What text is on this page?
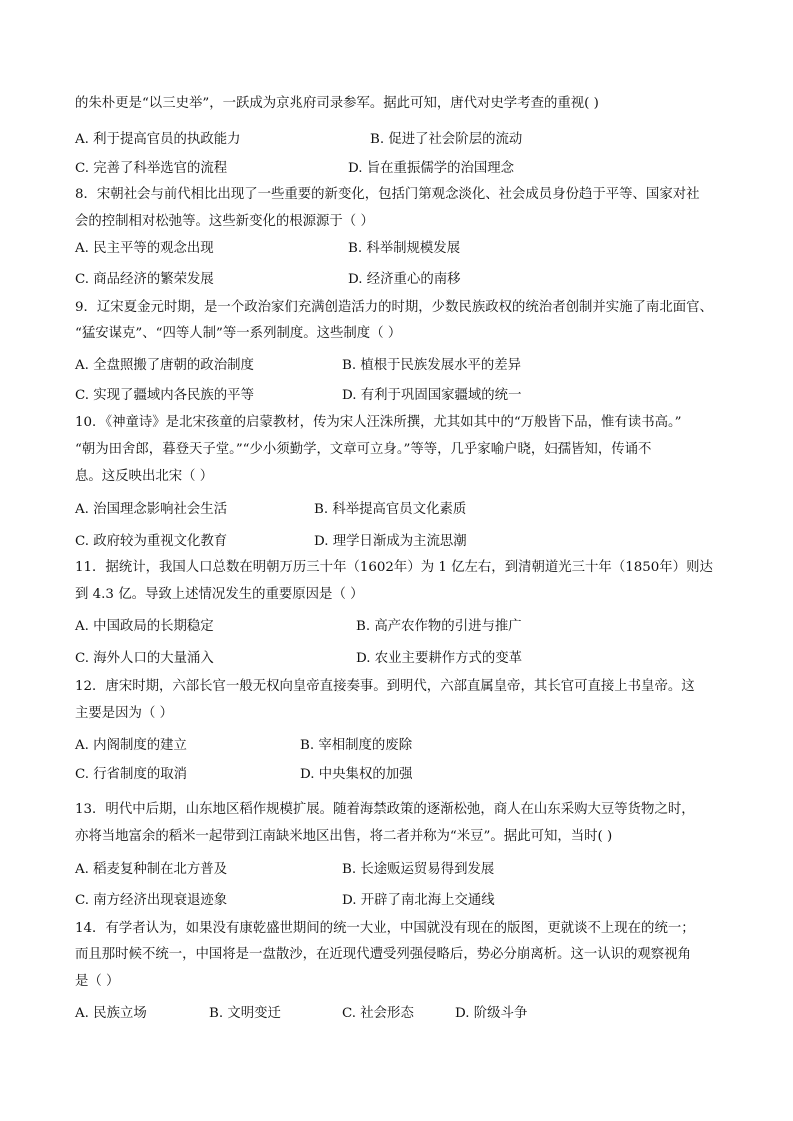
的朱朴更是“以三史举”，一跃成为京兆府司录参军。据此可知，唐代对史学考查的重视( )
A. 利于提高官员的执政能力	B. 促进了社会阶层的流动
C. 完善了科举选官的流程	D. 旨在重振儒学的治国理念
8．宋朝社会与前代相比出现了一些重要的新变化，包括门第观念淡化、社会成员身份趋于平等、国家对社
会的控制相对松弛等。这些新变化的根源源于（ ）
A. 民主平等的观念出现	B. 科举制规模发展
C. 商品经济的繁荣发展	D. 经济重心的南移
9．辽宋夏金元时期，是一个政治家们充满创造活力的时期，少数民族政权的统治者创制并实施了南北面官、
“猛安谋克”、“四等人制”等一系列制度。这些制度（ ）
A. 全盘照搬了唐朝的政治制度	B. 植根于民族发展水平的差异
C. 实现了疆域内各民族的平等	D. 有利于巩固国家疆域的统一
10．《神童诗》是北宋孩童的启蒙教材，传为宋人汪洙所撰，尤其如其中的“万般皆下品，惟有读书高。”
“朝为田舍郎，暮登天子堂。”“少小须勤学，文章可立身。”等等，几乎家喻户晓，妇孺皆知，传诵不
息。这反映出北宋（ ）
A. 治国理念影响社会生活	B. 科举提高官员文化素质
C. 政府较为重视文化教育	D. 理学日渐成为主流思潮
11．据统计，我国人口总数在明朝万历三十年（1602年）为 1 亿左右，到清朝道光三十年（1850年）则达
到 4.3 亿。导致上述情况发生的重要原因是（ ）
A. 中国政局的长期稳定	B. 高产农作物的引进与推广
C. 海外人口的大量涌入	D. 农业主要耕作方式的变革
12．唐宋时期，六部长官一般无权向皇帝直接奏事。到明代，六部直属皇帝，其长官可直接上书皇帝。这
主要是因为（ ）
A. 内阁制度的建立	B. 宰相制度的废除
C. 行省制度的取消	D. 中央集权的加强
13．明代中后期，山东地区稻作规模扩展。随着海禁政策的逐渐松弛，商人在山东采购大豆等货物之时，
亦将当地富余的稻米一起带到江南缺米地区出售，将二者并称为“米豆”。据此可知，当时( )
A. 稻麦复种制在北方普及	B. 长途贩运贸易得到发展
C. 南方经济出现衰退迹象	D. 开辟了南北海上交通线
14．有学者认为，如果没有康乾盛世期间的统一大业，中国就没有现在的版图，更就谈不上现在的统一；
而且那时候不统一，中国将是一盘散沙，在近现代遭受列强侵略后，势必分崩离析。这一认识的观察视角
是（ ）
A. 民族立场	B. 文明变迁	C. 社会形态	D. 阶级斗争
